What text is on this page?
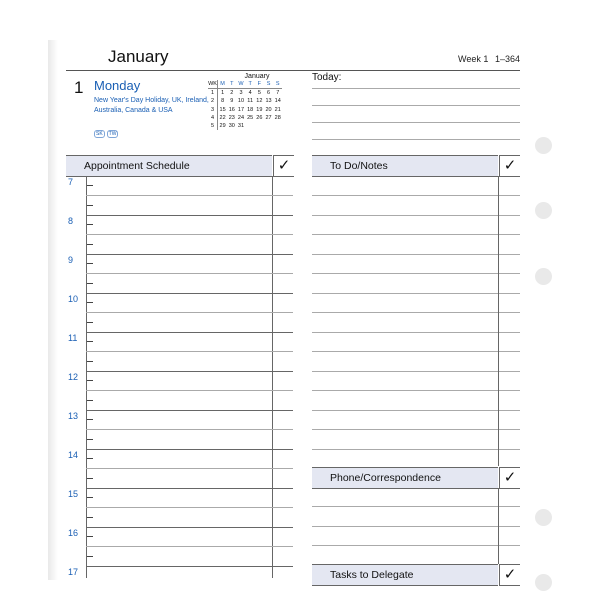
January	Week 1 1–364
1 Monday
New Year's Day Holiday, UK, Ireland, Australia, Canada & USA
SK TW
January
WK	M	T	W	T	F	S	S
1	1	2	3	4	5	6	7
2	8	9	10	11	12	13	14
3	15	16	17	18	19	20	21
4	22	23	24	25	26	27	28
5	29	30	31				
Today:
Appointment Schedule	✓	To Do/Notes	✓
Phone/Correspondence	✓
Tasks to Delegate	✓
7
8
9
10
11
12
13
14
15
16
17
